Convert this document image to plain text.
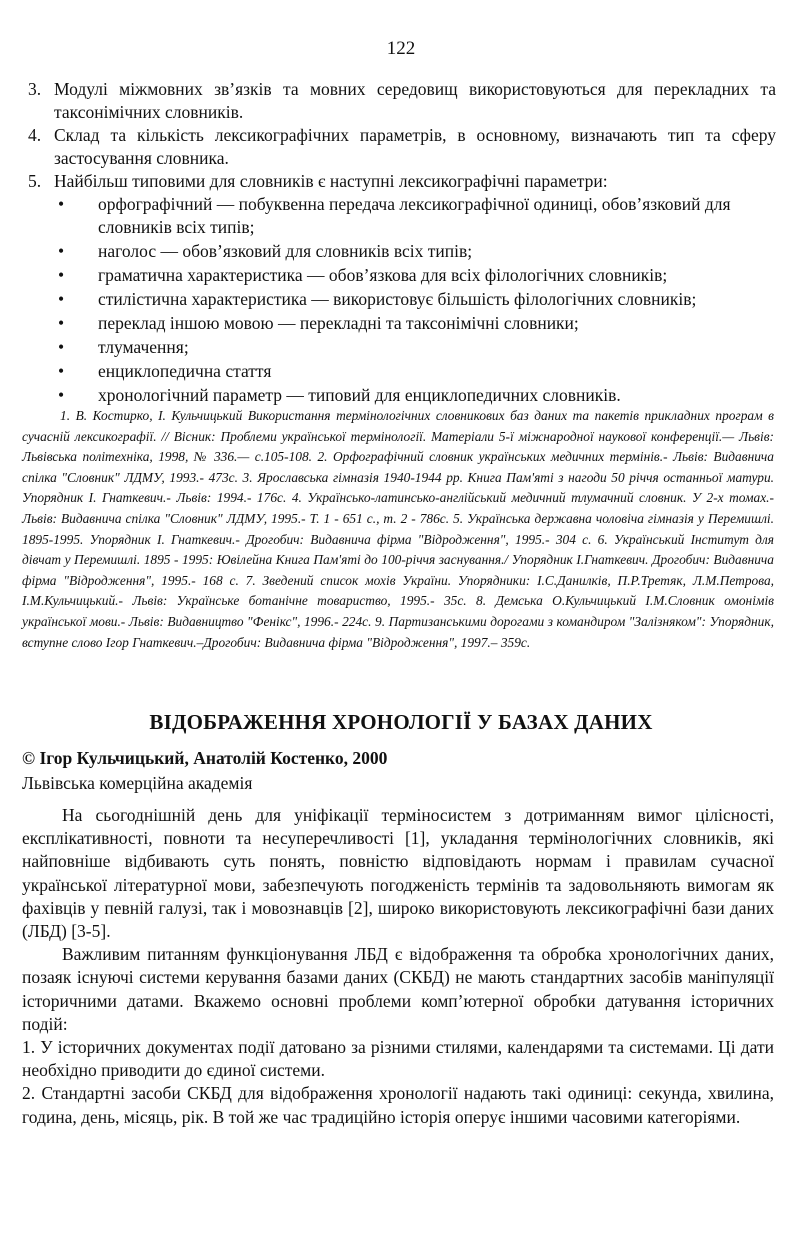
122
3. Модулі міжмовних зв’язків та мовних середовищ використовуються для перекладних та таксонімічних словників.
4. Склад та кількість лексикографічних параметрів, в основному, визначають тип та сферу застосування словника.
5. Найбільш типовими для словників є наступні лексикографічні параметри:
•	орфографічний — побуквенна передача лексикографічної одиниці, обов’язковий для словників всіх типів;
•	наголос — обов’язковий для словників всіх типів;
•	граматична характеристика — обов’язкова для всіх філологічних словників;
•	стилістична характеристика — використовує більшість філологічних словників;
•	переклад іншою мовою — перекладні та таксонімічні словники;
•	тлумачення;
•	енциклопедична стаття
•	хронологічний параметр — типовий для енциклопедичних словників.
1. В. Костирко, І. Кульчицький Використання термінологічних словникових баз даних та пакетів прикладних програм в сучасній лексикографії. // Вісник: Проблеми української термінології. Матеріали 5-ї міжнародної наукової конференції.— Львів: Львівська політехніка, 1998, № 336.— с.105-108. 2. Орфографічний словник українських медичних термінів.- Львів: Видавнича спілка "Словник" ЛДМУ, 1993.- 473с. 3. Ярославська гімназія 1940-1944 рр. Книга Пам'яті з нагоди 50 річчя останньої матури. Упорядник І. Гнаткевич.- Львів: 1994.- 176с. 4. Українсько-латинсько-англійський медичний тлумачний словник. У 2-х томах.- Львів: Видавнича спілка "Словник" ЛДМУ, 1995.- Т. 1 - 651 с., т. 2 - 786с. 5. Українська державна чоловіча гімназія у Перемишлі. 1895-1995. Упорядник І. Гнаткевич.- Дрогобич: Видавнича фірма "Відродження", 1995.- 304 с. 6. Український Інститут для дівчат у Перемишлі. 1895 - 1995: Ювілейна Книга Пам'яті до 100-річчя заснування./ Упорядник І.Гнаткевич. Дрогобич: Видавнича фірма "Відродження", 1995.- 168 с. 7. Зведений список мохів України. Упорядники: І.С.Данилків, П.Р.Третяк, Л.М.Петрова, І.М.Кульчицький.- Львів: Українське ботанічне товариство, 1995.- 35с. 8. Демська О.Кульчицький І.М.Словник омонімів української мови.- Львів: Видавництво "Фенікс", 1996.- 224с. 9. Партизанськими дорогами з командиром "Залізняком": Упорядник, вступне слово Ігор Гнаткевич.–Дрогобич: Видавнича фірма "Відродження", 1997.– 359с.
ВІДОБРАЖЕННЯ ХРОНОЛОГІЇ У БАЗАХ ДАНИХ
© Ігор Кульчицький, Анатолій Костенко, 2000
Львівська комерційна академія

На сьогоднішній день для уніфікації терміносистем з дотриманням вимог цілісності, експлікативності, повноти та несуперечливості [1], укладання термінологічних словників, які найповніше відбивають суть понять, повністю відповідають нормам і правилам сучасної української літературної мови, забезпечують погодженість термінів та задовольняють вимогам як фахівців у певній галузі, так і мовознавців [2], широко використовують лексикографічні бази даних (ЛБД) [3-5].

Важливим питанням функціонування ЛБД є відображення та обробка хронологічних даних, позаяк існуючі системи керування базами даних (СКБД) не мають стандартних засобів маніпуляції історичними датами. Вкажемо основні проблеми комп’ютерної обробки датування історичних подій:

1. У історичних документах події датовано за різними стилями, календарями та системами. Ці дати необхідно приводити до єдиної системи.

2. Стандартні засоби СКБД для відображення хронології надають такі одиниці: секунда, хвилина, година, день, місяць, рік. В той же час традиційно історія оперує іншими часовими категоріями.
